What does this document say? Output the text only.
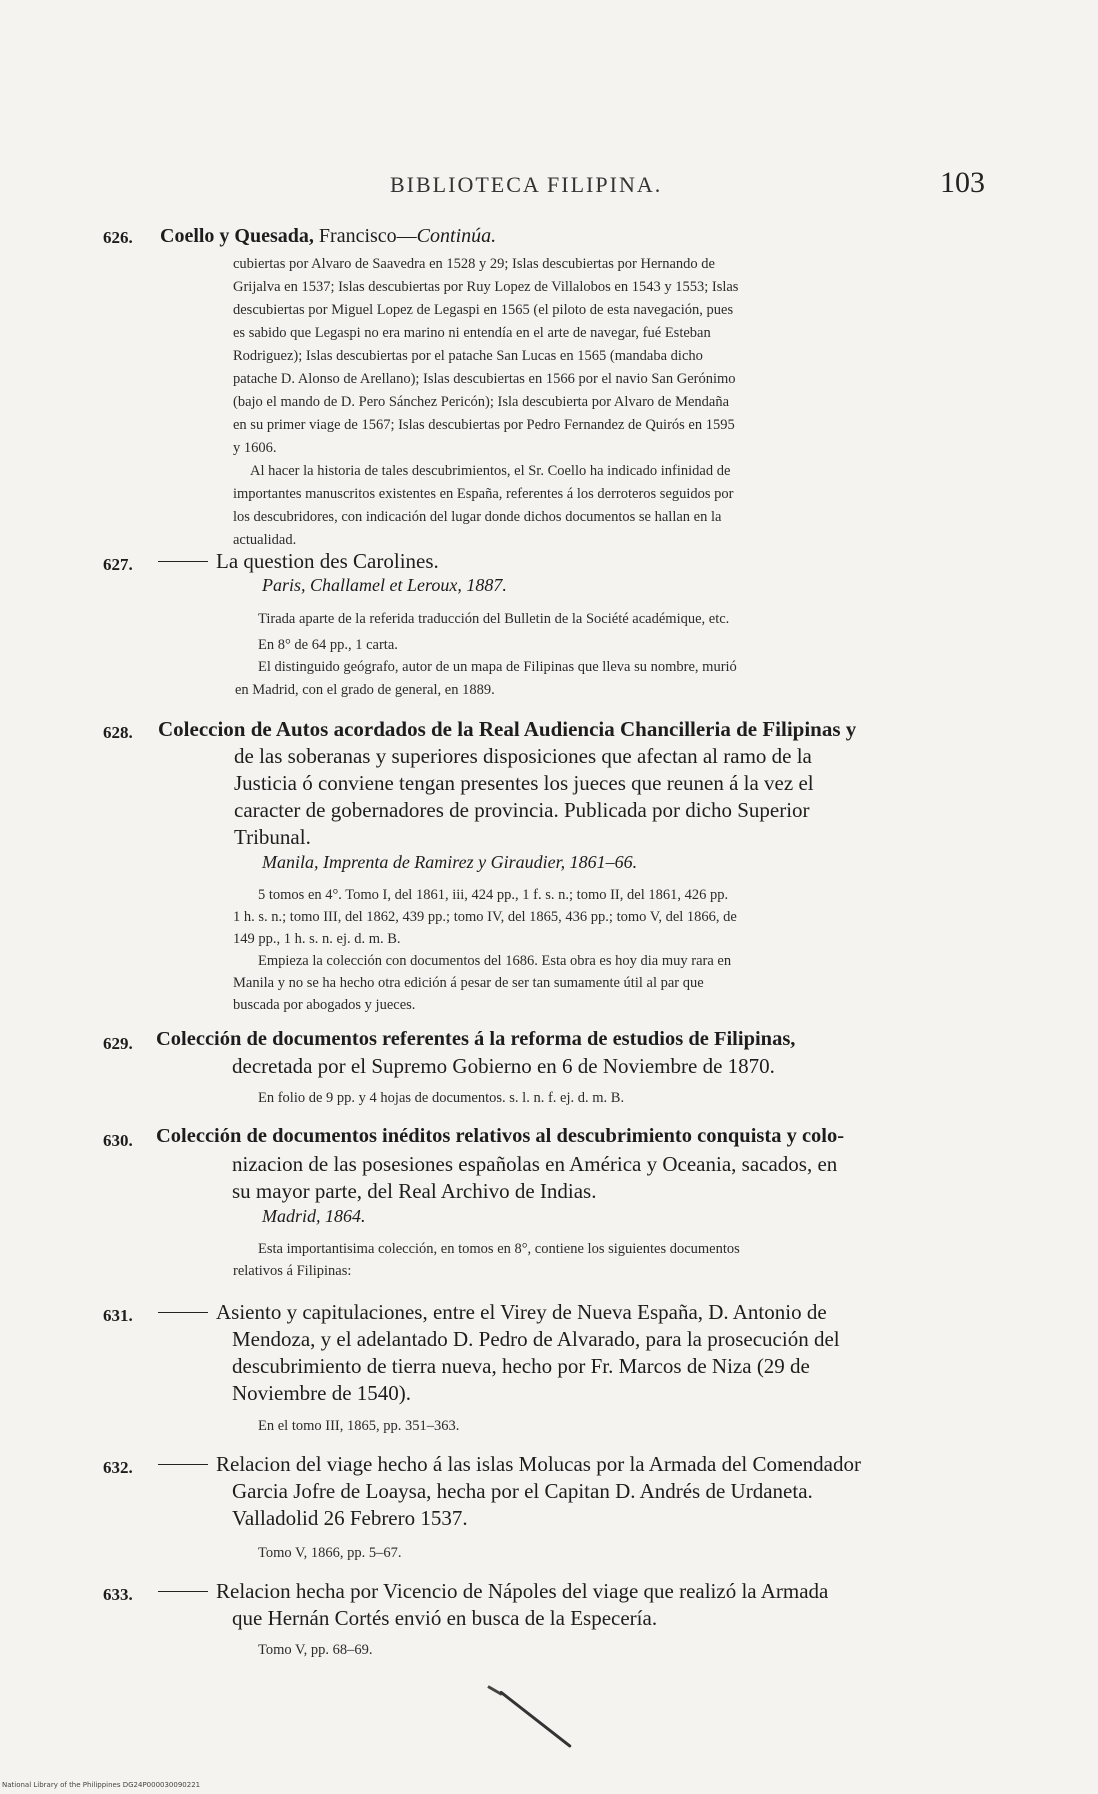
BIBLIOTECA FILIPINA.	103
626. Coello y Quesada, Francisco—Continúa.
cubiertas por Alvaro de Saavedra en 1528 y 29; Islas descubiertas por Hernando de
Grijalva en 1537; Islas descubiertas por Ruy Lopez de Villalobos en 1543 y 1553; Islas
descubiertas por Miguel Lopez de Legaspi en 1565 (el piloto de esta navegación, pues
es sabido que Legaspi no era marino ni entendía en el arte de navegar, fué Esteban
Rodriguez); Islas descubiertas por el patache San Lucas en 1565 (mandaba dicho
patache D. Alonso de Arellano); Islas descubiertas en 1566 por el navio San Gerónimo
(bajo el mando de D. Pero Sánchez Pericón); Isla descubierta por Alvaro de Mendaña
en su primer viage de 1567; Islas descubiertas por Pedro Fernandez de Quirós en 1595
y 1606.
Al hacer la historia de tales descubrimientos, el Sr. Coello ha indicado infinidad de
importantes manuscritos existentes en España, referentes á los derroteros seguidos por
los descubridores, con indicación del lugar donde dichos documentos se hallan en la
actualidad.
627.	La question des Carolines.
Paris, Challamel et Leroux, 1887.
Tirada aparte de la referida traducción del Bulletin de la Société académique, etc.
En 8° de 64 pp., 1 carta.
El distinguido geógrafo, autor de un mapa de Filipinas que lleva su nombre, murió
en Madrid, con el grado de general, en 1889.
628. Coleccion de Autos acordados de la Real Audiencia Chancilleria de Filipinas y
de las soberanas y superiores disposiciones que afectan al ramo de la
Justicia ó conviene tengan presentes los jueces que reunen á la vez el
caracter de gobernadores de provincia. Publicada por dicho Superior
Tribunal.
Manila, Imprenta de Ramirez y Giraudier, 1861–66.
5 tomos en 4°. Tomo I, del 1861, iii, 424 pp., 1 f. s. n.; tomo II, del 1861, 426 pp.
1 h. s. n.; tomo III, del 1862, 439 pp.; tomo IV, del 1865, 436 pp.; tomo V, del 1866, de
149 pp., 1 h. s. n. ej. d. m. B.
Empieza la colección con documentos del 1686. Esta obra es hoy dia muy rara en
Manila y no se ha hecho otra edición á pesar de ser tan sumamente útil al par que
buscada por abogados y jueces.
629. Colección de documentos referentes á la reforma de estudios de Filipinas,
decretada por el Supremo Gobierno en 6 de Noviembre de 1870.
En folio de 9 pp. y 4 hojas de documentos. s. l. n. f. ej. d. m. B.
630. Colección de documentos inéditos relativos al descubrimiento conquista y colo-
nizacion de las posesiones españolas en América y Oceania, sacados, en
su mayor parte, del Real Archivo de Indias.
Madrid, 1864.
Esta importantisima colección, en tomos en 8°, contiene los siguientes documentos
relativos á Filipinas:
631.	Asiento y capitulaciones, entre el Virey de Nueva España, D. Antonio de
Mendoza, y el adelantado D. Pedro de Alvarado, para la prosecución del
descubrimiento de tierra nueva, hecho por Fr. Marcos de Niza (29 de
Noviembre de 1540).
En el tomo III, 1865, pp. 351–363.
632.	Relacion del viage hecho á las islas Molucas por la Armada del Comendador
Garcia Jofre de Loaysa, hecha por el Capitan D. Andrés de Urdaneta.
Valladolid 26 Febrero 1537.
Tomo V, 1866, pp. 5–67.
633.	Relacion hecha por Vicencio de Nápoles del viage que realizó la Armada
que Hernán Cortés envió en busca de la Especería.
Tomo V, pp. 68–69.
National Library of the Philippines DG24P000030090221
